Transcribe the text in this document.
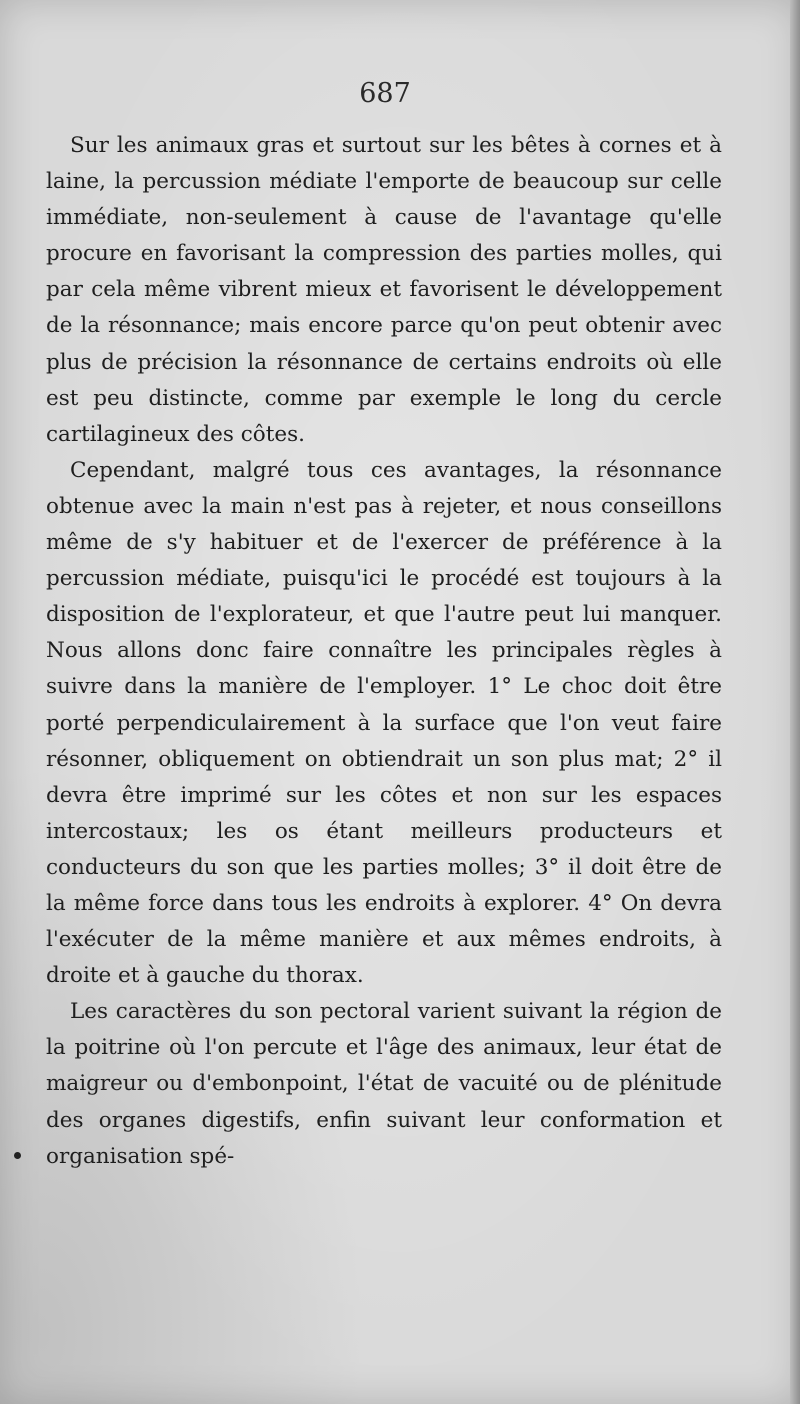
687

Sur les animaux gras et surtout sur les bêtes à cornes et à laine, la percussion médiate l'emporte de beaucoup sur celle immédiate, non-seulement à cause de l'avantage qu'elle procure en favorisant la compression des parties molles, qui par cela même vibrent mieux et favorisent le développement de la résonnance; mais encore parce qu'on peut obtenir avec plus de précision la résonnance de certains endroits où elle est peu distincte, comme par exemple le long du cercle cartilagineux des côtes.

Cependant, malgré tous ces avantages, la résonnance obtenue avec la main n'est pas à rejeter, et nous conseillons même de s'y habituer et de l'exercer de préférence à la percussion médiate, puisqu'ici le procédé est toujours à la disposition de l'explorateur, et que l'autre peut lui manquer. Nous allons donc faire connaître les principales règles à suivre dans la manière de l'employer. 1° Le choc doit être porté perpendiculairement à la surface que l'on veut faire résonner, obliquement on obtiendrait un son plus mat; 2° il devra être imprimé sur les côtes et non sur les espaces intercostaux; les os étant meilleurs producteurs et conducteurs du son que les parties molles; 3° il doit être de la même force dans tous les endroits à explorer. 4° On devra l'exécuter de la même manière et aux mêmes endroits, à droite et à gauche du thorax.

Les caractères du son pectoral varient suivant la région de la poitrine où l'on percute et l'âge des animaux, leur état de maigreur ou d'embonpoint, l'état de vacuité ou de plénitude des organes digestifs, enfin suivant leur conformation et organisation spé-
